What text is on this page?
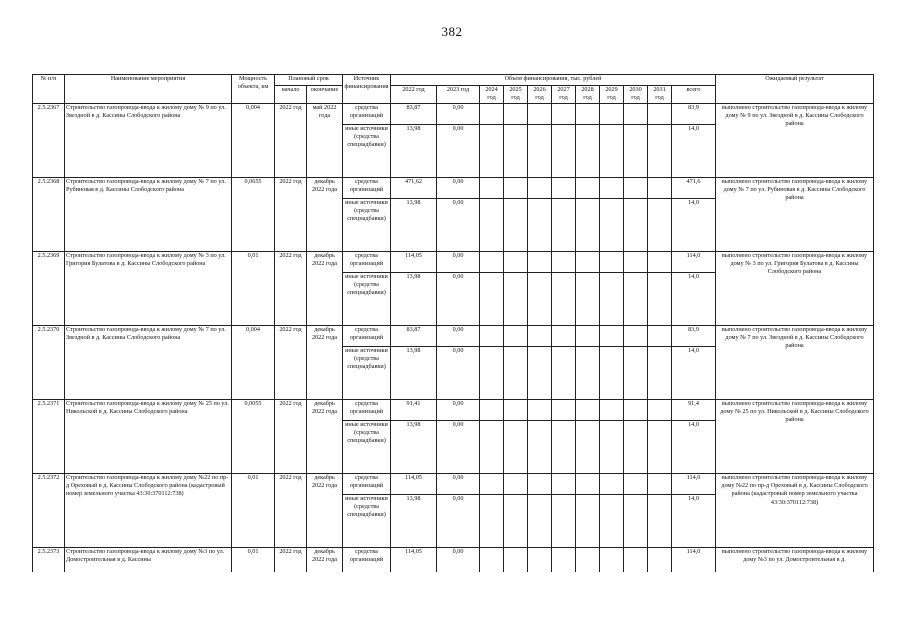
382
№ п/п	Наименование мероприятия	Мощность объекта, км	Плановый срок		Источник финансирования	Объем финансирования, тыс. рублей											Ожидаемый результат
			начало	окончание		2022 год	2023 год	2024 год	2025 год	2026 год	2027 год	2028 год	2029 год	2030 год	2031 год	всего	
2.5.2367	Строительство газопровода-ввода к жилому дому № 9 по ул. Звездной в д. Кассины Слободского района	0,004	2022 год	май 2022 года	средства организаций	83,87	0,00									83,9	выполнено строительство газопровода-ввода к жилому дому № 9 по ул. Звездной в д. Кассины Слободского района
					иные источники (средства спецнадбавки)	13,98	0,00									14,0	
2.5.2368	Строительство газопровода-ввода к жилому дому № 7 по ул. Рубиновая в д. Кассины Слободского района	0,0655	2022 год	декабрь 2022 года	средства организаций	471,62	0,00									471,6	выполнено строительство газопровода-ввода к жилому дому № 7 по ул. Рубиновая в д. Кассины Слободского района
					иные источники (средства спецнадбавки)	13,98	0,00									14,0	
2.5.2369	Строительство газопровода-ввода к жилому дому № 3 по ул. Григория Булатова в д. Кассины Слободского района	0,01	2022 год	декабрь 2022 года	средства организаций	114,05	0,00									114,0	выполнено строительство газопровода-ввода к жилому дому № 3 по ул. Григория Булатова в д. Кассины Слободского района
					иные источники (средства спецнадбавки)	13,98	0,00									14,0	
2.5.2370	Строительство газопровода-ввода к жилому дому № 7 по ул. Звездной в д. Кассины Слободского района	0,004	2022 год	декабрь 2022 года	средства организаций	83,87	0,00									83,9	выполнено строительство газопровода-ввода к жилому дому № 7 по ул. Звездной в д. Кассины Слободского района
					иные источники (средства спецнадбавки)	13,98	0,00									14,0	
2.5.2371	Строительство газопровода-ввода к жилому дому № 25 по ул. Никольской в д. Кассины Слободского района	0,0055	2022 год	декабрь 2022 года	средства организаций	91,41	0,00									91,4	выполнено строительство газопровода-ввода к жилому дому № 25 по ул. Никольской в д. Кассины Слободского района
					иные источники (средства спецнадбавки)	13,98	0,00									14,0	
2.5.2372	Строительство газопровода-ввода к жилому дому №22 по пр-д Ореховый в д. Кассины Слободского района (кадастровый номер земельного участка 43:30:370112:738)	0,01	2022 год	декабрь 2022 года	средства организаций	114,05	0,00									114,0	выполнено строительство газопровода-ввода к жилому дому №22 по пр-д Ореховый в д. Кассины Слободского района (кадастровый номер земельного участка 43:30:370112:738)
					иные источники (средства спецнадбавки)	13,98	0,00									14,0	
2.5.2373	Строительство газопровода-ввода к жилому дому №3 по ул. Домостроительная в д. Кассины	0,01	2022 год	декабрь 2022 года	средства организаций	114,05	0,00									114,0	выполнено строительство газопровода-ввода к жилому дому №3 по ул. Домостроительная в д.
